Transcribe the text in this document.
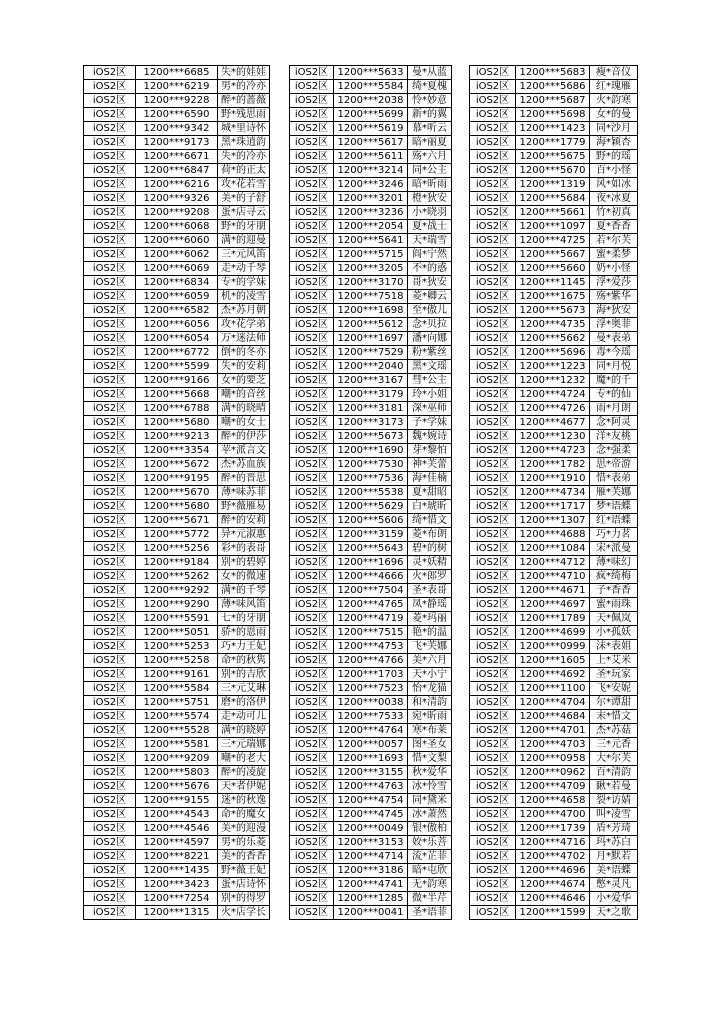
iOS2区	1200***6685	失*的娃娃
iOS2区	1200***6219	男*的冷亦
iOS2区	1200***9228	醉*的蔷薇
iOS2区	1200***6590	野*残思雨
iOS2区	1200***9342	城*里诗怀
iOS2区	1200***9173	黑*珠逍韵
iOS2区	1200***6671	失*的冷亦
iOS2区	1200***6847	荷*的正太
iOS2区	1200***6216	攻*花若雪
iOS2区	1200***9326	美*的子舒
iOS2区	1200***9208	蛋*店寻云
iOS2区	1200***6068	野*的牙朋
iOS2区	1200***6060	满*的迎曼
iOS2区	1200***6062	三*元风笛
iOS2区	1200***6069	走*动千琴
iOS2区	1200***6834	专*的学妹
iOS2区	1200***6059	机*的凌雪
iOS2区	1200***6582	杰*苏月朝
iOS2区	1200***6056	攻*花学弟
iOS2区	1200***6054	万*迷法师
iOS2区	1200***6772	倒*的冬亦
iOS2区	1200***5599	失*的安莉
iOS2区	1200***9166	女*的要芝
iOS2区	1200***5668	嘲*的音丝
iOS2区	1200***6788	满*的晓晴
iOS2区	1200***5680	嘲*的女士
iOS2区	1200***9213	醉*的伊莎
iOS2区	1200***3354	苹*派言文
iOS2区	1200***5672	杰*苏血族
iOS2区	1200***9195	醉*的晋思
iOS2区	1200***5670	薄*味苏菲
iOS2区	1200***5680	野*薇雁易
iOS2区	1200***5671	醉*的安莉
iOS2区	1200***5772	异*元淑惠
iOS2区	1200***5256	彩*的表哥
iOS2区	1200***9184	别*的碧婷
iOS2区	1200***5262	女*的微速
iOS2区	1200***9292	满*的千琴
iOS2区	1200***9290	薄*味风笛
iOS2区	1200***5591	七*的牙朋
iOS2区	1200***5051	骄*的恩雨
iOS2区	1200***5253	巧*力王妃
iOS2区	1200***5258	命*的秋隽
iOS2区	1200***9161	别*的吉欣
iOS2区	1200***5584	三*元艾琳
iOS2区	1200***5751	磨*的洛伊
iOS2区	1200***5574	走*动可儿
iOS2区	1200***5528	满*的晓婷
iOS2区	1200***5581	三*元瑞娜
iOS2区	1200***9209	嘲*的老大
iOS2区	1200***5803	醉*的凌旋
iOS2区	1200***5676	天*者伊妮
iOS2区	1200***9155	迷*的秋逸
iOS2区	1200***4543	命*的魔女
iOS2区	1200***4546	美*的迎漫
iOS2区	1200***4597	男*的乐菱
iOS2区	1200***8221	美*的香香
iOS2区	1200***1435	野*薇王妃
iOS2区	1200***3423	蛋*店诗怀
iOS2区	1200***7254	别*的得罗
iOS2区	1200***1315	火*店学长
iOS2区	1200***5633	曼*从蓝
iOS2区	1200***5584	绮*夏槐
iOS2区	1200***2038	怜*妙意
iOS2区	1200***5699	新*的翼
iOS2区	1200***5619	慕*听云
iOS2区	1200***5617	暗*丽夏
iOS2区	1200***5611	殇*六月
iOS2区	1200***3214	同*公主
iOS2区	1200***3246	暗*昕雨
iOS2区	1200***3201	橙*狄安
iOS2区	1200***3236	小*晓羽
iOS2区	1200***2054	夏*战士
iOS2区	1200***5641	天*瑞雪
iOS2区	1200***5715	阎*宁然
iOS2区	1200***3205	不*的惑
iOS2区	1200***3170	哥*狄安
iOS2区	1200***7518	菱*卿云
iOS2区	1200***1698	至*傲儿
iOS2区	1200***5612	念*贝拉
iOS2区	1200***1697	潘*向娜
iOS2区	1200***7529	粉*紫丝
iOS2区	1200***2040	黑*文瑶
iOS2区	1200***3167	彗*公主
iOS2区	1200***3179	玲*小姐
iOS2区	1200***3181	深*巫师
iOS2区	1200***3173	子*学妹
iOS2区	1200***5673	魏*婉诗
iOS2区	1200***1690	芽*黎怕
iOS2区	1200***7530	神*芙蕾
iOS2区	1200***7536	海*佳楠
iOS2区	1200***5538	夏*甜昭
iOS2区	1200***5629	白*琥昕
iOS2区	1200***5606	绮*惜文
iOS2区	1200***3159	菱*布朗
iOS2区	1200***5643	碧*的树
iOS2区	1200***1696	灵*妖精
iOS2区	1200***4666	火*郎罗
iOS2区	1200***7504	圣*表哥
iOS2区	1200***4765	凤*静瑶
iOS2区	1200***4719	菱*玛丽
iOS2区	1200***7515	艳*的温
iOS2区	1200***4753	飞*芙娜
iOS2区	1200***4766	美*六月
iOS2区	1200***1703	天*小宁
iOS2区	1200***7523	怡*龙猫
iOS2区	1200***0038	和*清韵
iOS2区	1200***7533	宛*昕雨
iOS2区	1200***4764	寒*布莱
iOS2区	1200***0057	图*圣女
iOS2区	1200***1693	惜*文梨
iOS2区	1200***3155	秋*爱华
iOS2区	1200***4763	冰*怜雪
iOS2区	1200***4754	同*黛米
iOS2区	1200***4745	冰*萧然
iOS2区	1200***0049	银*傲柏
iOS2区	1200***3153	姣*乐菩
iOS2区	1200***4714	流*芷菲
iOS2区	1200***3186	暗*屯欣
iOS2区	1200***4741	无*韵寒
iOS2区	1200***1285	微*半芹
iOS2区	1200***0041	圣*语菲
iOS2区	1200***5683	瘦*音仪
iOS2区	1200***5686	红*瑰雁
iOS2区	1200***5687	火*韵寒
iOS2区	1200***5698	女*的曼
iOS2区	1200***1423	同*沙月
iOS2区	1200***1779	海*颖杏
iOS2区	1200***5675	野*的瑶
iOS2区	1200***5670	百*小怪
iOS2区	1200***1319	风*如冰
iOS2区	1200***5684	夜*冰夏
iOS2区	1200***5661	竹*初真
iOS2区	1200***1097	夏*香香
iOS2区	1200***4725	若*尔芙
iOS2区	1200***5667	蜜*柔梦
iOS2区	1200***5660	奶*小怪
iOS2区	1200***1145	浮*爱莎
iOS2区	1200***1675	殇*紫华
iOS2区	1200***5673	海*狄安
iOS2区	1200***4735	浮*奥菲
iOS2区	1200***5662	曼*表弟
iOS2区	1200***5696	毒*今瑶
iOS2区	1200***1223	同*月悦
iOS2区	1200***1232	魔*的千
iOS2区	1200***4724	专*的仙
iOS2区	1200***4726	雨*月朗
iOS2区	1200***4677	念*阿灵
iOS2区	1200***1230	洋*友桃
iOS2区	1200***4723	念*强柔
iOS2区	1200***1782	思*帝游
iOS2区	1200***1910	惜*表弟
iOS2区	1200***4734	雁*芙娜
iOS2区	1200***1717	梦*语蝶
iOS2区	1200***1307	红*语蝶
iOS2区	1200***4688	巧*力茗
iOS2区	1200***1084	宋*派曼
iOS2区	1200***4712	薄*味幻
iOS2区	1200***4710	疯*绮梅
iOS2区	1200***4671	子*香香
iOS2区	1200***4697	蜜*雨珠
iOS2区	1200***1789	天*佩岚
iOS2区	1200***4699	小*孤妖
iOS2区	1200***0999	沫*表姐
iOS2区	1200***1605	上*艾米
iOS2区	1200***4692	圣*玩家
iOS2区	1200***1100	飞*安妮
iOS2区	1200***4704	尔*谭甜
iOS2区	1200***4684	末*惜文
iOS2区	1200***4701	杰*苏菇
iOS2区	1200***4703	三*元香
iOS2区	1200***0958	大*尔芙
iOS2区	1200***0962	百*清韵
iOS2区	1200***4709	瞅*若曼
iOS2区	1200***4658	裂*访婧
iOS2区	1200***4700	叫*凌雪
iOS2区	1200***1739	盾*芳琦
iOS2区	1200***4716	玛*苏白
iOS2区	1200***4702	月*默若
iOS2区	1200***4696	美*语蝶
iOS2区	1200***4674	憋*灵凡
iOS2区	1200***4646	小*爱华
iOS2区	1200***1599	天*之歌
